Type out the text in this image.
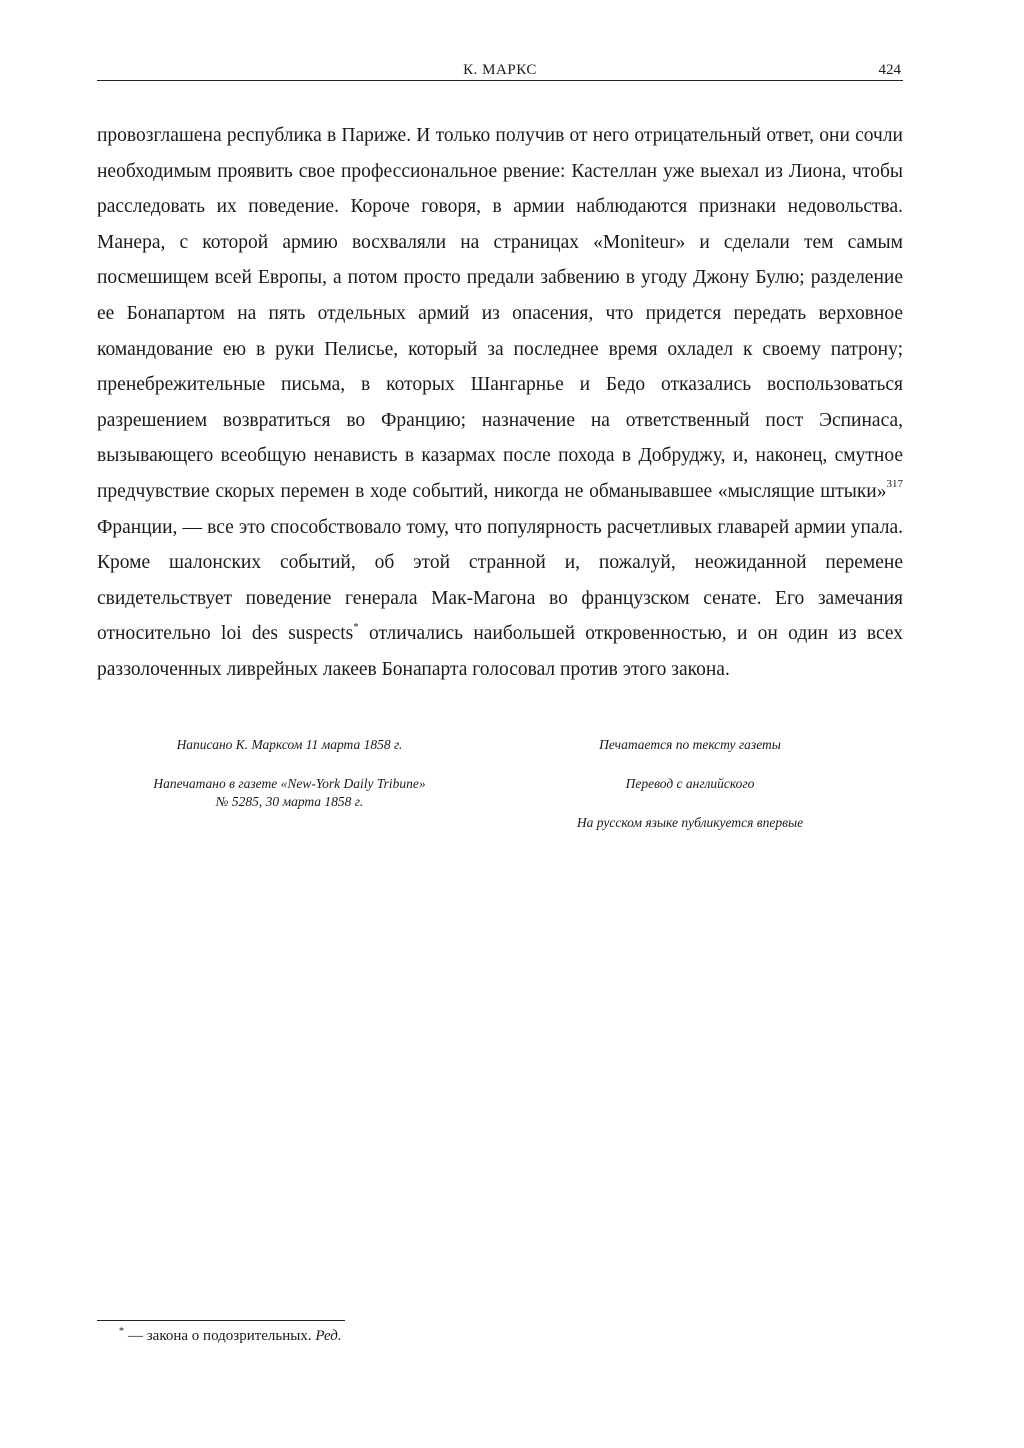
К. МАРКС	424

провозглашена республика в Париже. И только получив от него отрицательный ответ, они сочли необходимым проявить свое профессиональное рвение: Кастеллан уже выехал из Лиона, чтобы расследовать их поведение. Короче говоря, в армии наблюдаются признаки недовольства. Манера, с которой армию восхваляли на страницах «Moniteur» и сделали тем самым посмешищем всей Европы, а потом просто предали забвению в угоду Джону Булю; разделение ее Бонапартом на пять отдельных армий из опасения, что придется передать верховное командование ею в руки Пелисье, который за последнее время охладел к своему патрону; пренебрежительные письма, в которых Шангарнье и Бедо отказались воспользоваться разрешением возвратиться во Францию; назначение на ответственный пост Эспинаса, вызывающего всеобщую ненависть в казармах после похода в Добруджу, и, наконец, смутное предчувствие скорых перемен в ходе событий, никогда не обманывавшее «мыслящие штыки»$^{317}$ Франции, — все это способствовало тому, что популярность расчетливых главарей армии упала. Кроме шалонских событий, об этой странной и, пожалуй, неожиданной перемене свидетельствует поведение генерала Мак-Магона во французском сенате. Его замечания относительно loi des suspects* отличались наибольшей откровенностью, и он один из всех раззолоченных ливрейных лакеев Бонапарта голосовал против этого закона.

Написано К. Марксом 11 марта 1858 г.

Напечатано в газете «New-York Daily Tribune»
№ 5285, 30 марта 1858 г.

Печатается по тексту газеты

Перевод с английского

На русском языке публикуется впервые

* — закона о подозрительных. Ред.
